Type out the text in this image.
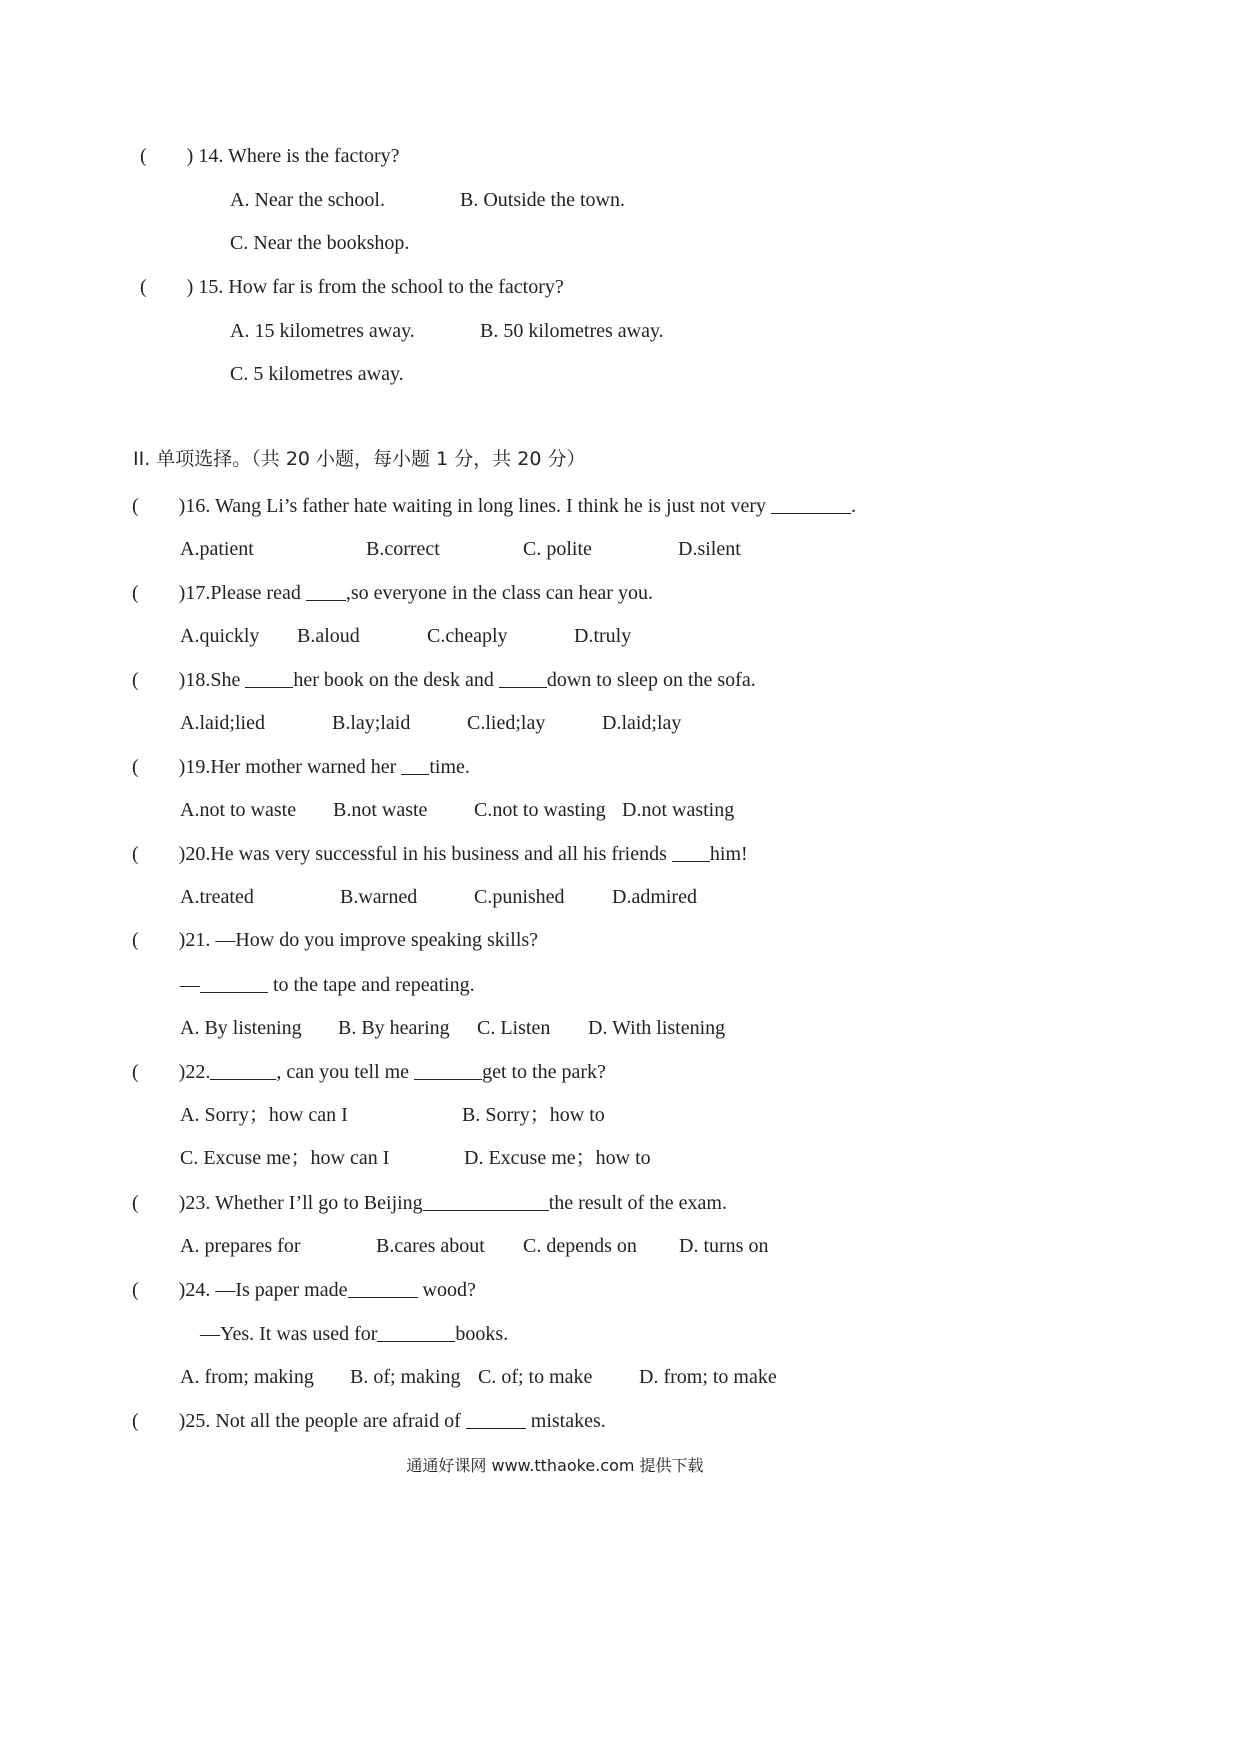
(　　) 14. Where is the factory?
A. Near the school.	B. Outside the town.
C. Near the bookshop.
(　　) 15. How far is from the school to the factory?
A. 15 kilometres away.	B. 50 kilometres away.
C. 5 kilometres away.
II. 单项选择。（共 20 小题，每小题 1 分，共 20 分）
(　　)16. Wang Li’s father hate waiting in long lines. I think he is just not very	.
A.patient	B.correct	C. polite	D.silent
(　　)17.Please read ,so everyone in the class can hear you.
A.quickly B.aloud	C.cheaply	D.truly
(　　)18.She her book on the desk and down to sleep on the sofa.
A.laid;lied	B.lay;laid	C.lied;lay	D.laid;lay
(　　)19.Her mother warned her time.
A.not to waste B.not waste C.not to wasting D.not wasting
(　　)20.He was very successful in his business and all his friends him!
A.treated	B.warned	C.punished D.admired
(　　)21. —How do you improve speaking skills?
—	to the tape and repeating.
A. By listening B. By hearing C. Listen D. With listening
(　　)22.	, can you tell me	get to the park?
A. Sorry；how can I	B. Sorry；how to
C. Excuse me；how can I	D. Excuse me；how to
(　　)23. Whether I’ll go to Beijing	the result of the exam.
A. prepares for	B.cares about C. depends on D. turns on
(　　)24. —Is paper made	wood?
—Yes. It was used for	books.
A. from; making B. of; making C. of; to make D. from; to make
(　　)25. Not all the people are afraid of	mistakes.
通通好课网 www.tthaoke.com 提供下载
